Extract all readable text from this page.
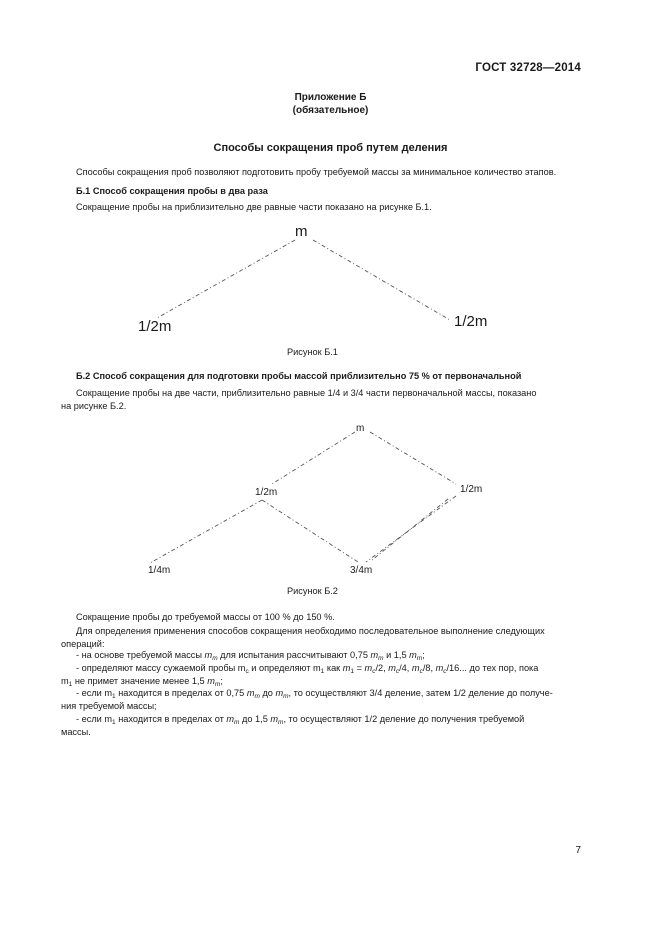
ГОСТ 32728—2014
Приложение Б
(обязательное)
Способы сокращения проб путем деления

Способы сокращения проб позволяют подготовить пробу требуемой массы за минимальное количество этапов.

Б.1 Способ сокращения пробы в два раза

Сокращение пробы на приблизительно две равные части показано на рисунке Б.1.

m
1/2m	1/2m
Рисунок Б.1

Б.2 Способ сокращения для подготовки пробы массой приблизительно 75 % от первоначальной

Сокращение пробы на две части, приблизительно равные 1/4 и 3/4 части первоначальной массы, показано

на рисунке Б.2.

m
1/2m	1/2m
1/4m	3/4m
Рисунок Б.2

Сокращение пробы до требуемой массы от 100 % до 150 %.

Для определения применения способов сокращения необходимо последовательное выполнение следующих

операций:

- на основе требуемой массы $m_m$ для испытания рассчитывают 0,75 $m_m$ и 1,5 $m_m$;

- определяют массу сужаемой пробы $m_c$ и определяют $m_1$ как $m_1 = m_c/2$, $m_c/4$, $m_c/8$, $m_c/16$... до тех пор, пока

$m_1$ не примет значение менее 1,5 $m_m$;

- если $m_1$ находится в пределах от 0,75 $m_m$ до $m_m$, то осуществляют 3/4 деление, затем 1/2 деление до получе-

ния требуемой массы;

- если $m_1$ находится в пределах от $m_m$ до 1,5 $m_m$, то осуществляют 1/2 деление до получения требуемой

массы.

7
